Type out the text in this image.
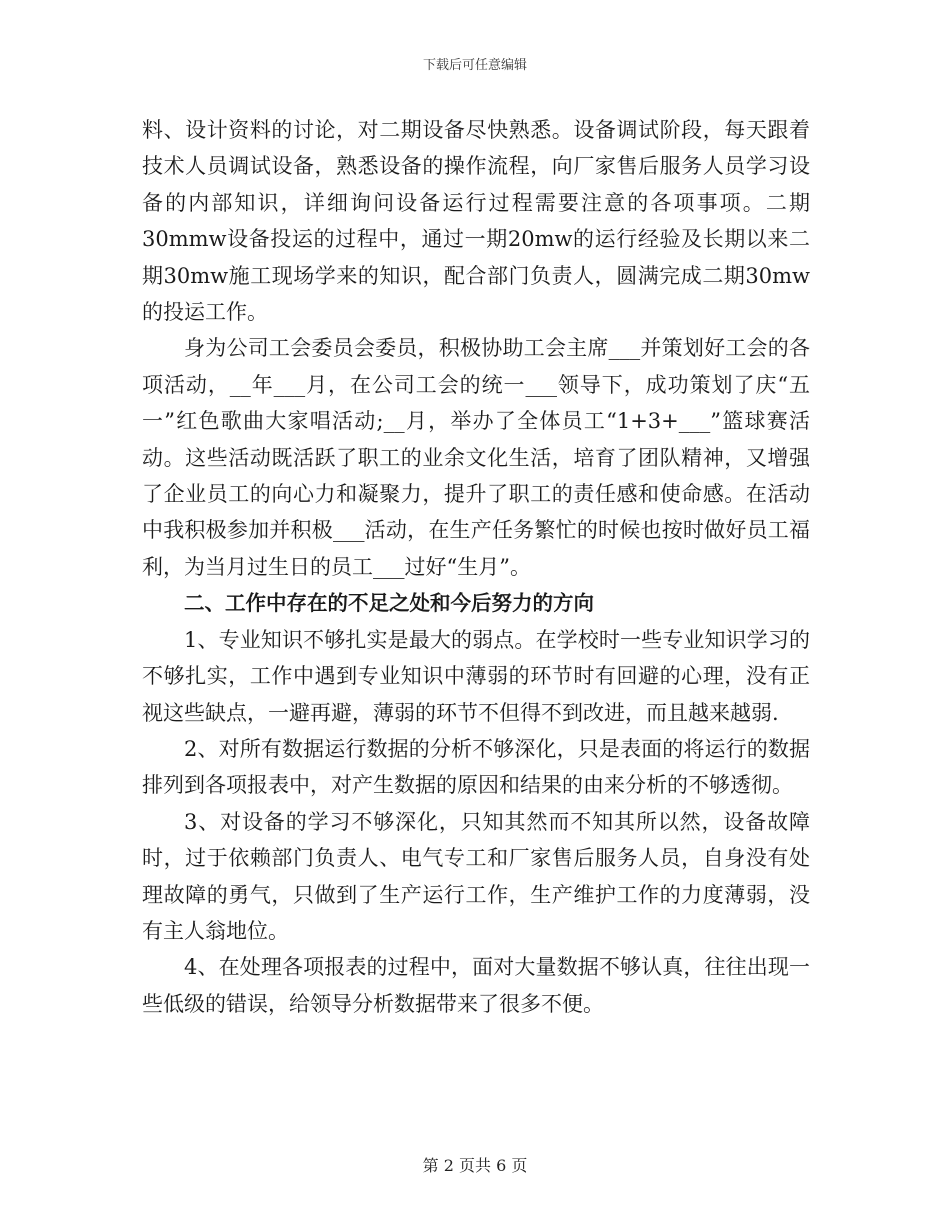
下载后可任意编辑

料、设计资料的讨论，对二期设备尽快熟悉。设备调试阶段，每天跟着技术人员调试设备，熟悉设备的操作流程，向厂家售后服务人员学习设备的内部知识，详细询问设备运行过程需要注意的各项事项。二期30mmw设备投运的过程中，通过一期20mw的运行经验及长期以来二期30mw施工现场学来的知识，配合部门负责人，圆满完成二期30mw的投运工作。

身为公司工会委员会委员，积极协助工会主席___并策划好工会的各项活动，__年___月，在公司工会的统一___领导下，成功策划了庆“五一”红色歌曲大家唱活动;__月，举办了全体员工“1+3+___”篮球赛活动。这些活动既活跃了职工的业余文化生活，培育了团队精神，又增强了企业员工的向心力和凝聚力，提升了职工的责任感和使命感。在活动中我积极参加并积极___活动，在生产任务繁忙的时候也按时做好员工福利，为当月过生日的员工___过好“生月”。

二、工作中存在的不足之处和今后努力的方向

1、专业知识不够扎实是最大的弱点。在学校时一些专业知识学习的不够扎实，工作中遇到专业知识中薄弱的环节时有回避的心理，没有正视这些缺点，一避再避，薄弱的环节不但得不到改进，而且越来越弱.

2、对所有数据运行数据的分析不够深化，只是表面的将运行的数据排列到各项报表中，对产生数据的原因和结果的由来分析的不够透彻。

3、对设备的学习不够深化，只知其然而不知其所以然，设备故障时，过于依赖部门负责人、电气专工和厂家售后服务人员，自身没有处理故障的勇气，只做到了生产运行工作，生产维护工作的力度薄弱，没有主人翁地位。

4、在处理各项报表的过程中，面对大量数据不够认真，往往出现一些低级的错误，给领导分析数据带来了很多不便。

第 2 页共 6 页
